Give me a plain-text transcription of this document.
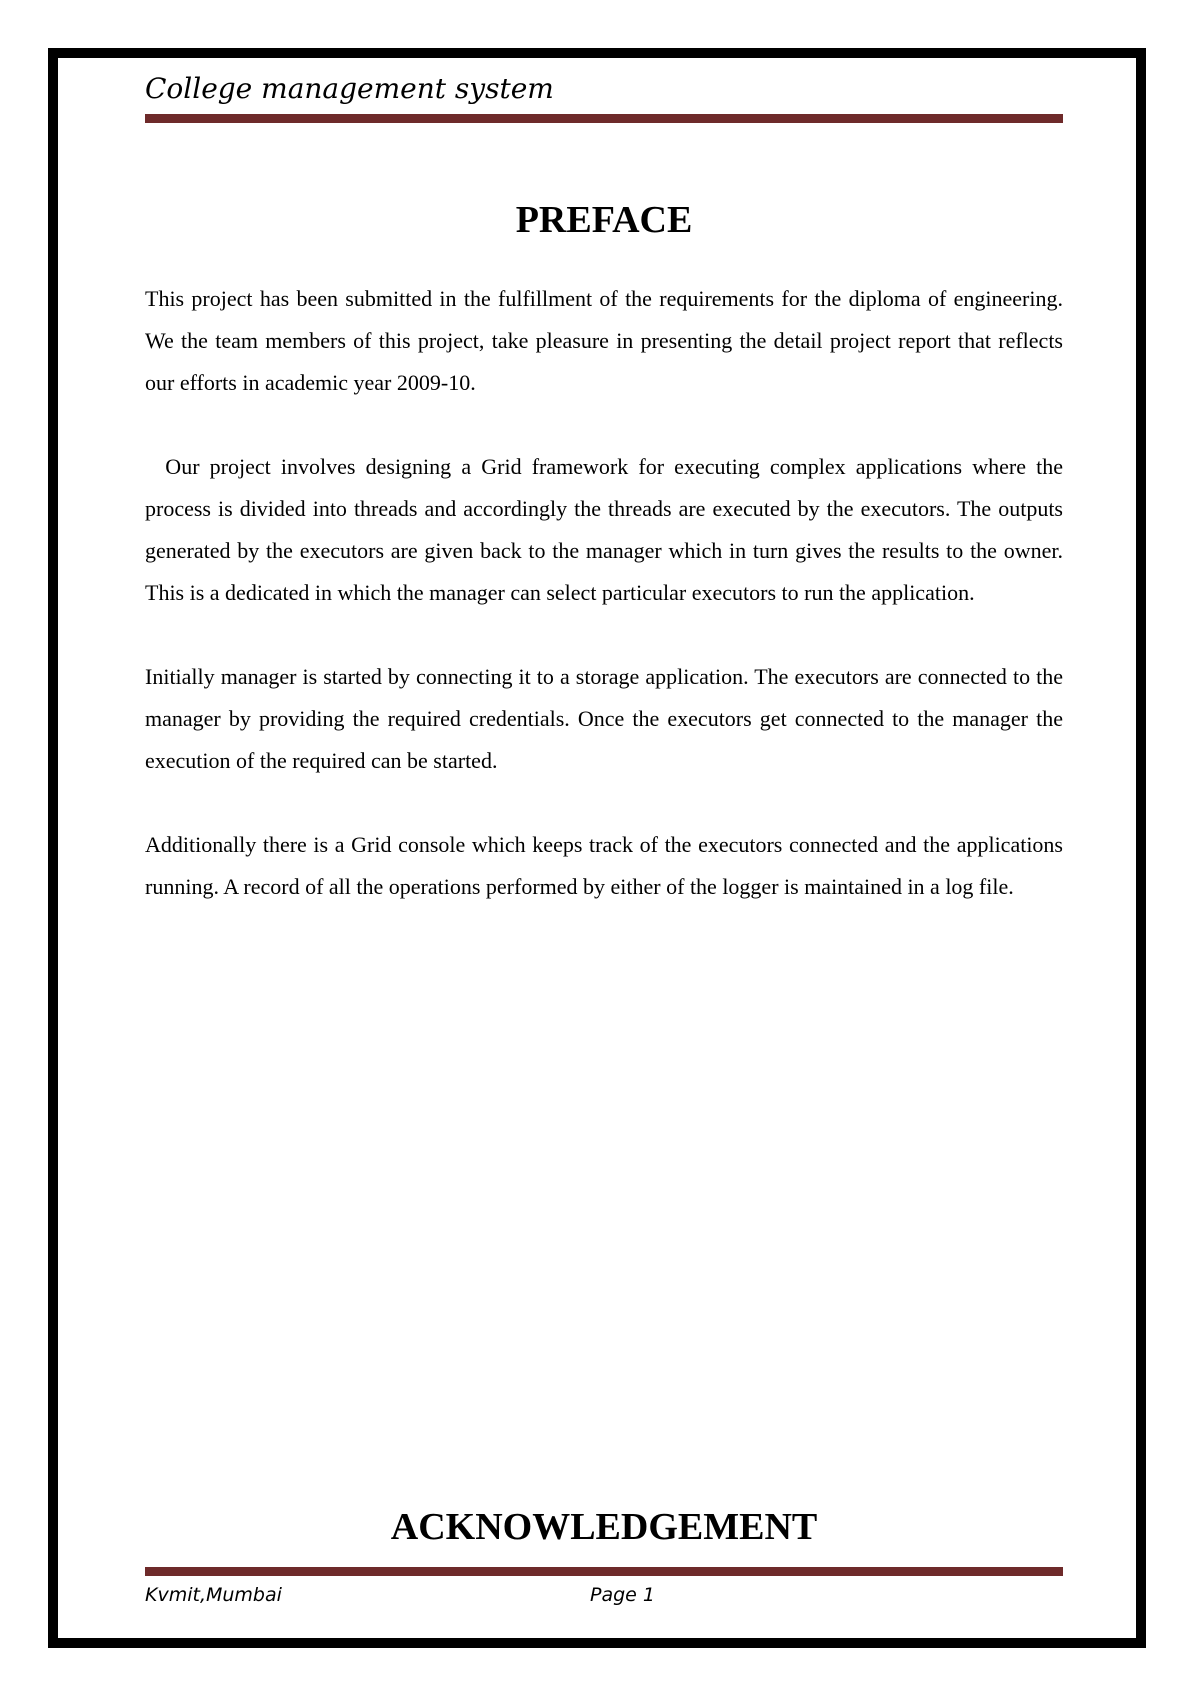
College management system
PREFACE

This project has been submitted in the fulfillment of the requirements for the diploma of engineering. We the team members of this project, take pleasure in presenting the detail project report that reflects our efforts in academic year 2009-10.

Our project involves designing a Grid framework for executing complex applications where the process is divided into threads and accordingly the threads are executed by the executors. The outputs generated by the executors are given back to the manager which in turn gives the results to the owner. This is a dedicated in which the manager can select particular executors to run the application.

Initially manager is started by connecting it to a storage application. The executors are connected to the manager by providing the required credentials. Once the executors get connected to the manager the execution of the required can be started.

Additionally there is a Grid console which keeps track of the executors connected and the applications running. A record of all the operations performed by either of the logger is maintained in a log file.

ACKNOWLEDGEMENT
Kvmit,Mumbai	Page 1
